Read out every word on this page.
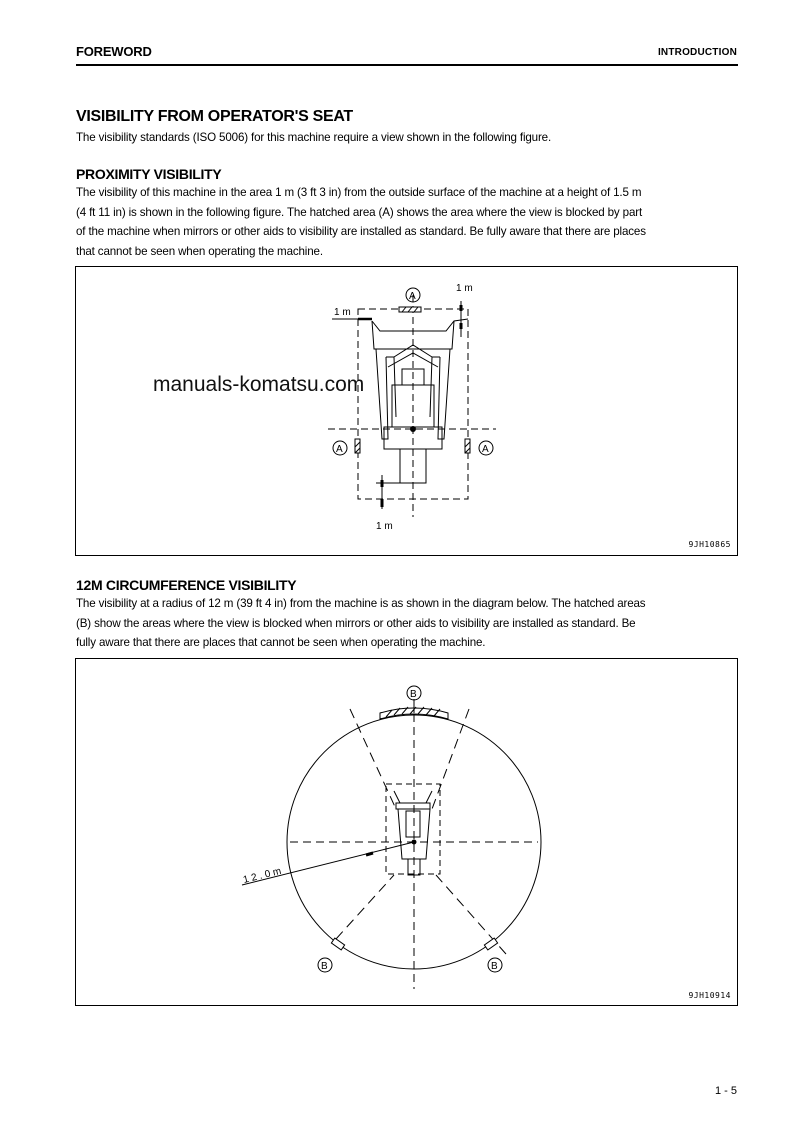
FOREWORD	INTRODUCTION
VISIBILITY FROM OPERATOR'S SEAT
The visibility standards (ISO 5006) for this machine require a view shown in the following figure.
PROXIMITY VISIBILITY
The visibility of this machine in the area 1 m (3 ft 3 in) from the outside surface of the machine at a height of 1.5 m
(4 ft 11 in) is shown in the following figure. The hatched area (A) shows the area where the view is blocked by part
of the machine when mirrors or other aids to visibility are installed as standard. Be fully aware that there are places
that cannot be seen when operating the machine.
A
A	A
1 m
1 m
1 m
9JH10865
manuals-komatsu.com
12M CIRCUMFERENCE VISIBILITY
The visibility at a radius of 12 m (39 ft 4 in) from the machine is as shown in the diagram below. The hatched areas
(B) show the areas where the view is blocked when mirrors or other aids to visibility are installed as standard. Be
fully aware that there are places that cannot be seen when operating the machine.
B
B	B
1 2 . 0 m
9JH10914
1 - 5
